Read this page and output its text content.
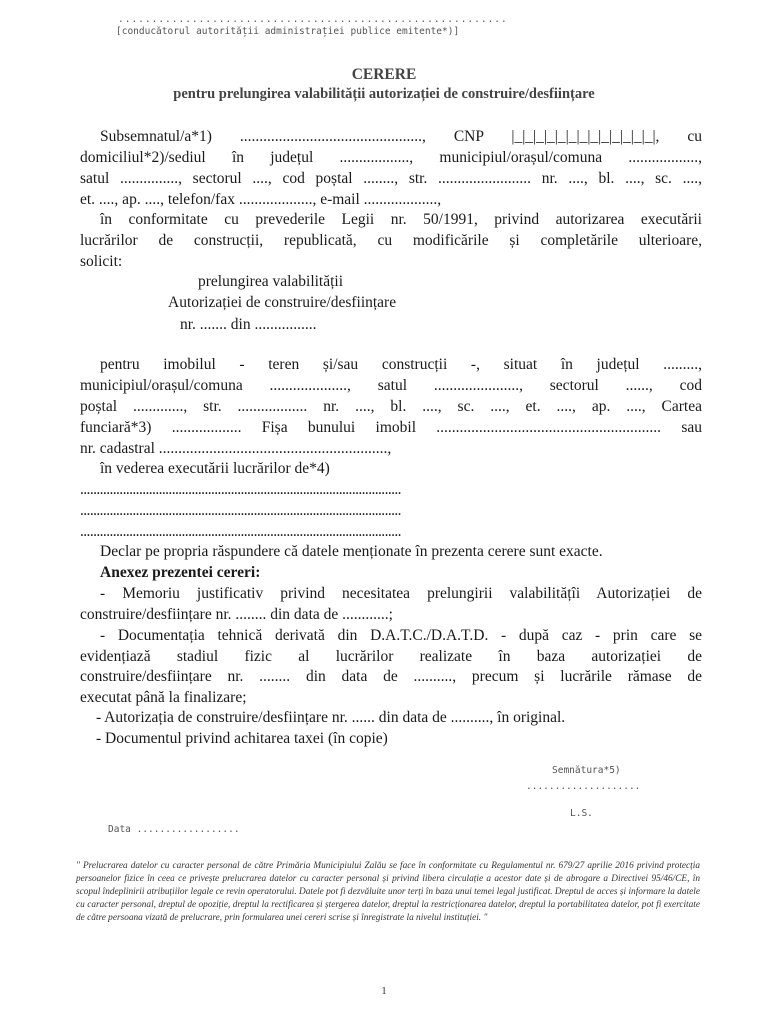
..........................................................
[conducătorul autorității administrației publice emitente*)]
CERERE
pentru prelungirea valabilității autorizației de construire/desființare
Subsemnatul/a*1) ..............................................., CNP |_|_|_|_|_|_|_|_|_|_|_|_|_|, cu
domiciliul*2)/sediul în județul .................., municipiul/orașul/comuna ..................,
satul ..............., sectorul ...., cod poștal ........, str. ........................ nr. ...., bl. ...., sc. ....,
et. ...., ap. ...., telefon/fax ..................., e-mail ...................,
în conformitate cu prevederile Legii nr. 50/1991, privind autorizarea executării
lucrărilor de construcții, republicată, cu modificările și completările ulterioare,
solicit:
prelungirea valabilității
Autorizației de construire/desființare
nr. ....... din ................
pentru imobilul - teren și/sau construcții -, situat în județul .........,
municipiul/orașul/comuna ...................., satul ......................, sectorul ......, cod
poștal ............., str. .................. nr. ...., bl. ...., sc. ...., et. ...., ap. ...., Cartea
funciară*3) .................. Fișa bunului imobil .......................................................... sau
nr. cadastral ...........................................................,
în vederea executării lucrărilor de*4)
..................................................................................................
..................................................................................................
..................................................................................................
Declar pe propria răspundere că datele menționate în prezenta cerere sunt exacte.
Anexez prezentei cereri:
- Memoriu justificativ privind necesitatea prelungirii valabilitățîi Autorizației de
construire/desființare nr. ........ din data de ............;
- Documentația tehnică derivată din D.A.T.C./D.A.T.D. - după caz - prin care se
evidențiază stadiul fizic al lucrărilor realizate în baza autorizației de
construire/desființare nr. ........ din data de .........., precum și lucrările rămase de
executat până la finalizare;
- Autorizația de construire/desființare nr. ...... din data de .........., în original.
- Documentul privind achitarea taxei (în copie)
Semnătura*5)
....................
L.S.
Data ..................
" Prelucrarea datelor cu caracter personal de către Primăria Municipiului Zalău se face în conformitate cu Regulamentul nr. 679/27 aprilie 2016 privind protecția persoanelor fizice în ceea ce privește prelucrarea datelor cu caracter personal și privind libera circulație a acestor date și de abrogare a Directivei 95/46/CE, în scopul îndeplinirii atribuțiilor legale ce revin operatorului. Datele pot fi dezvăluite unor terți în baza unui temei legal justificat. Dreptul de acces și informare la datele cu caracter personal, dreptul de opoziție, dreptul la rectificarea și ștergerea datelor, dreptul la restricționarea datelor, dreptul la portabilitatea datelor, pot fi exercitate de către persoana vizată de prelucrare, prin formularea unei cereri scrise și înregistrate la nivelul instituției. "
1
